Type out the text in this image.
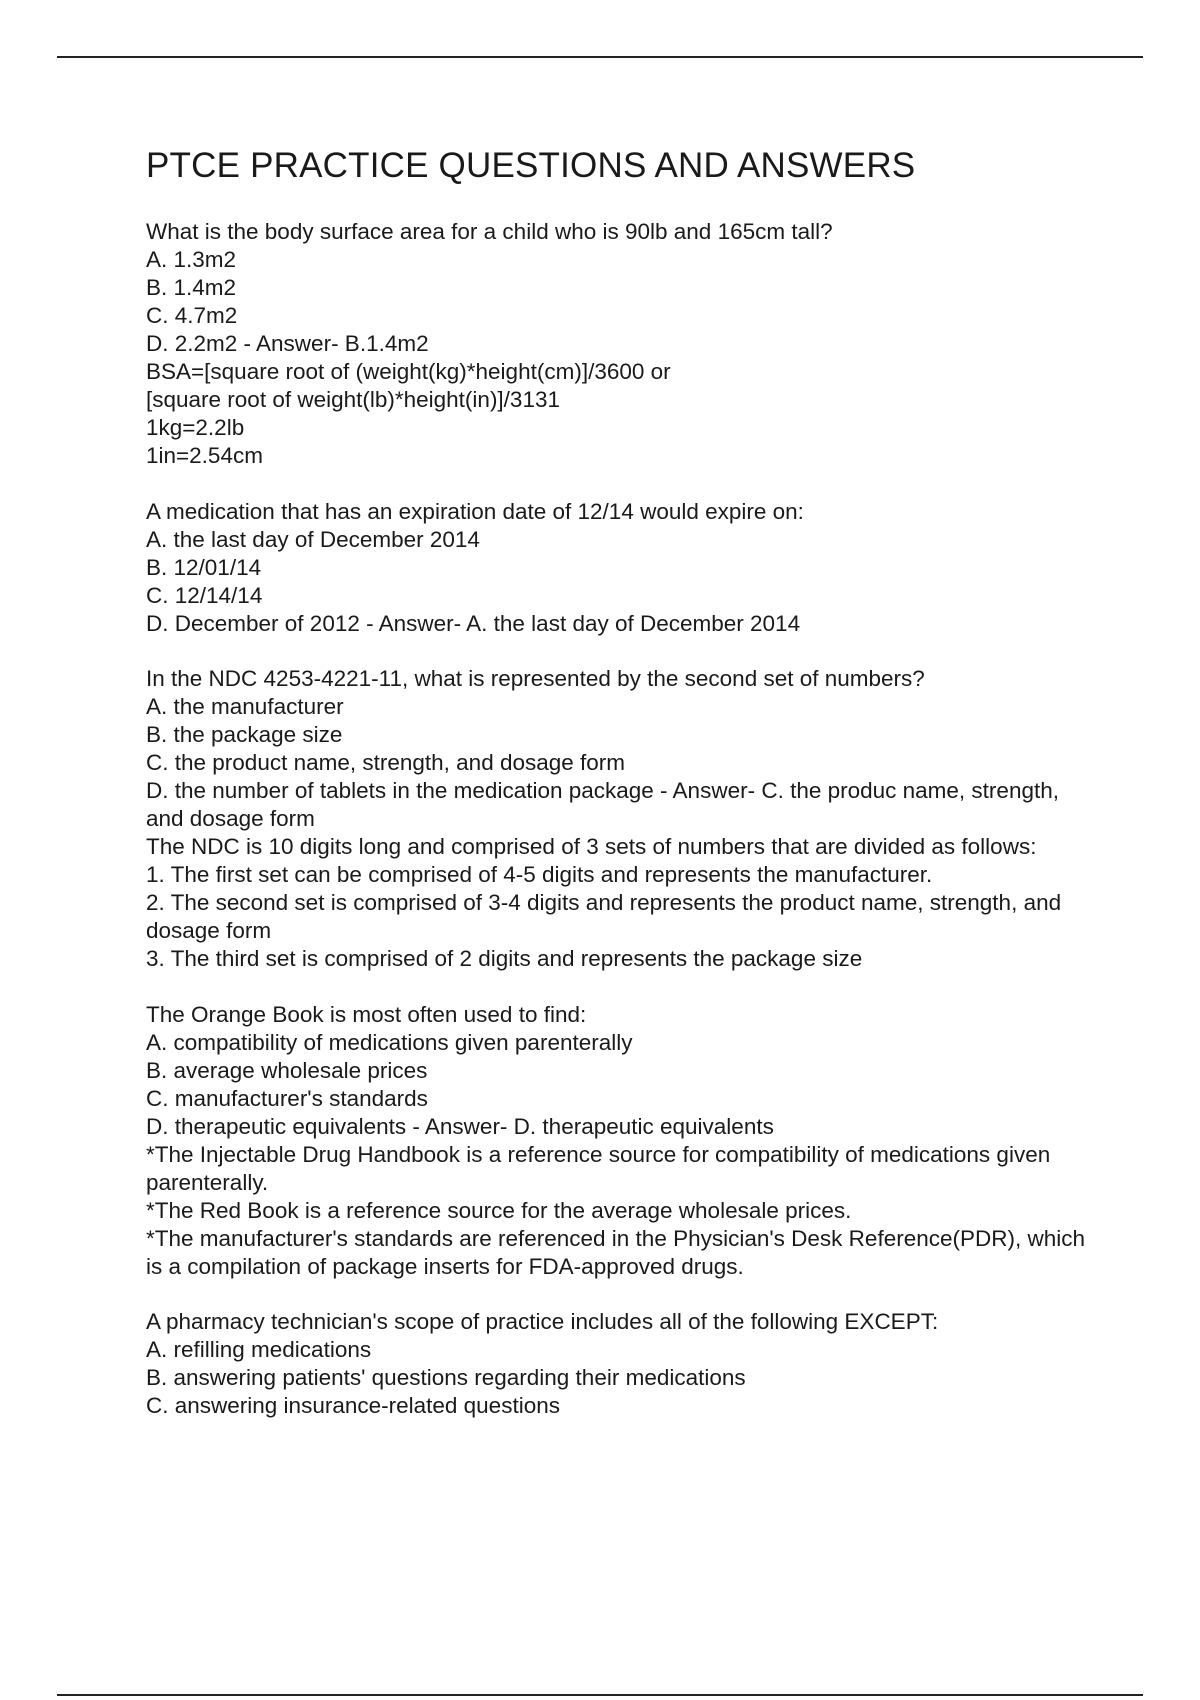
PTCE PRACTICE QUESTIONS AND ANSWERS

What is the body surface area for a child who is 90lb and 165cm tall?

A. 1.3m2

B. 1.4m2

C. 4.7m2

D. 2.2m2 - Answer- B.1.4m2

BSA=[square root of (weight(kg)*height(cm)]/3600 or

[square root of weight(lb)*height(in)]/3131

1kg=2.2lb

1in=2.54cm

A medication that has an expiration date of 12/14 would expire on:

A. the last day of December 2014

B. 12/01/14

C. 12/14/14

D. December of 2012 - Answer- A. the last day of December 2014

In the NDC 4253-4221-11, what is represented by the second set of numbers?

A. the manufacturer

B. the package size

C. the product name, strength, and dosage form

D. the number of tablets in the medication package - Answer- C. the produc name, strength, and dosage form

The NDC is 10 digits long and comprised of 3 sets of numbers that are divided as follows:

1. The first set can be comprised of 4-5 digits and represents the manufacturer.

2. The second set is comprised of 3-4 digits and represents the product name, strength, and dosage form

3. The third set is comprised of 2 digits and represents the package size

The Orange Book is most often used to find:

A. compatibility of medications given parenterally

B. average wholesale prices

C. manufacturer's standards

D. therapeutic equivalents - Answer- D. therapeutic equivalents

*The Injectable Drug Handbook is a reference source for compatibility of medications given parenterally.

*The Red Book is a reference source for the average wholesale prices.

*The manufacturer's standards are referenced in the Physician's Desk Reference(PDR), which is a compilation of package inserts for FDA-approved drugs.

A pharmacy technician's scope of practice includes all of the following EXCEPT:

A. refilling medications

B. answering patients' questions regarding their medications

C. answering insurance-related questions
